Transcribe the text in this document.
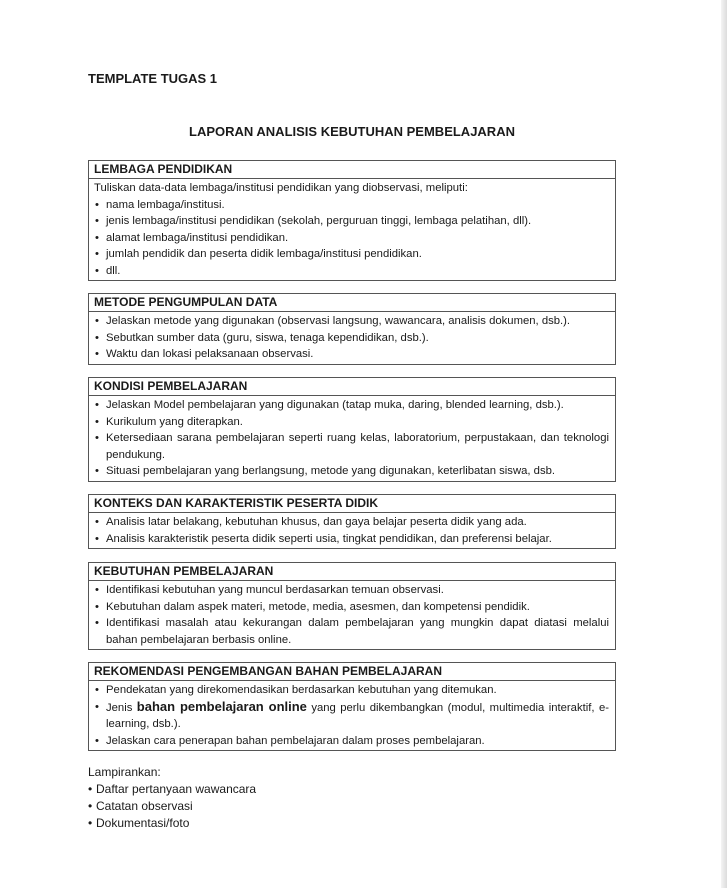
TEMPLATE TUGAS 1
LAPORAN ANALISIS KEBUTUHAN PEMBELAJARAN
LEMBAGA PENDIDIKAN
Tuliskan data-data lembaga/institusi pendidikan yang diobservasi, meliputi:
• nama lembaga/institusi.
• jenis lembaga/institusi pendidikan (sekolah, perguruan tinggi, lembaga pelatihan, dll).
• alamat lembaga/institusi pendidikan.
• jumlah pendidik dan peserta didik lembaga/institusi pendidikan.
• dll.
METODE PENGUMPULAN DATA
• Jelaskan metode yang digunakan (observasi langsung, wawancara, analisis dokumen, dsb.).
• Sebutkan sumber data (guru, siswa, tenaga kependidikan, dsb.).
• Waktu dan lokasi pelaksanaan observasi.
KONDISI PEMBELAJARAN
• Jelaskan Model pembelajaran yang digunakan (tatap muka, daring, blended learning, dsb.).
• Kurikulum yang diterapkan.
• Ketersediaan sarana pembelajaran seperti ruang kelas, laboratorium, perpustakaan, dan teknologi pendukung.
• Situasi pembelajaran yang berlangsung, metode yang digunakan, keterlibatan siswa, dsb.
KONTEKS DAN KARAKTERISTIK PESERTA DIDIK
• Analisis latar belakang, kebutuhan khusus, dan gaya belajar peserta didik yang ada.
• Analisis karakteristik peserta didik seperti usia, tingkat pendidikan, dan preferensi belajar.
KEBUTUHAN PEMBELAJARAN
• Identifikasi kebutuhan yang muncul berdasarkan temuan observasi.
• Kebutuhan dalam aspek materi, metode, media, asesmen, dan kompetensi pendidik.
• Identifikasi masalah atau kekurangan dalam pembelajaran yang mungkin dapat diatasi melalui bahan pembelajaran berbasis online.
REKOMENDASI PENGEMBANGAN BAHAN PEMBELAJARAN
• Pendekatan yang direkomendasikan berdasarkan kebutuhan yang ditemukan.
• Jenis bahan pembelajaran online yang perlu dikembangkan (modul, multimedia interaktif, e-learning, dsb.).
• Jelaskan cara penerapan bahan pembelajaran dalam proses pembelajaran.
Lampirankan:
• Daftar pertanyaan wawancara
• Catatan observasi
• Dokumentasi/foto
